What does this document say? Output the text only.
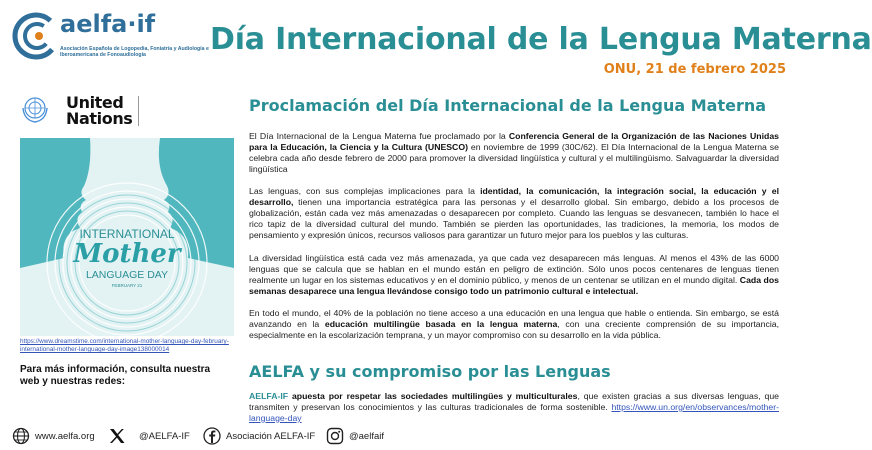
aelfa·if
Asociación Española de Logopedia, Foniatría y Audiología e Iberoamericana de Fonoaudiología	Día Internacional de la Lengua Materna
ONU, 21 de febrero 2025
United
Nations
INTERNATIONAL
Mother
LANGUAGE DAY
FEBRUARY 21
https://www.dreamstime.com/international-mother-language-day-february-international-mother-language-day-image138000014
Para más información, consulta nuestra web y nuestras redes:
Proclamación del Día Internacional de la Lengua Materna
El Día Internacional de la Lengua Materna fue proclamado por la Conferencia General de la Organización de las Naciones Unidas para la Educación, la Ciencia y la Cultura (UNESCO) en noviembre de 1999 (30C/62). El Día Internacional de la Lengua Materna se celebra cada año desde febrero de 2000 para promover la diversidad lingüística y cultural y el multilingüismo. Salvaguardar la diversidad lingüística
Las lenguas, con sus complejas implicaciones para la identidad, la comunicación, la integración social, la educación y el desarrollo, tienen una importancia estratégica para las personas y el desarrollo global. Sin embargo, debido a los procesos de globalización, están cada vez más amenazadas o desaparecen por completo. Cuando las lenguas se desvanecen, también lo hace el rico tapiz de la diversidad cultural del mundo. También se pierden las oportunidades, las tradiciones, la memoria, los modos de pensamiento y expresión únicos, recursos valiosos para garantizar un futuro mejor para los pueblos y las culturas.
La diversidad lingüística está cada vez más amenazada, ya que cada vez desaparecen más lenguas. Al menos el 43% de las 6000 lenguas que se calcula que se hablan en el mundo están en peligro de extinción. Sólo unos pocos centenares de lenguas tienen realmente un lugar en los sistemas educativos y en el dominio público, y menos de un centenar se utilizan en el mundo digital. Cada dos semanas desaparece una lengua llevándose consigo todo un patrimonio cultural e intelectual.
En todo el mundo, el 40% de la población no tiene acceso a una educación en una lengua que hable o entienda. Sin embargo, se está avanzando en la educación multilingüe basada en la lengua materna, con una creciente comprensión de su importancia, especialmente en la escolarización temprana, y un mayor compromiso con su desarrollo en la vida pública.
AELFA y su compromiso por las Lenguas
AELFA-IF apuesta por respetar las sociedades multilingües y multiculturales, que existen gracias a sus diversas lenguas, que transmiten y preservan los conocimientos y las culturas tradicionales de forma sostenible. https://www.un.org/en/observances/mother-language-day
www.aelfa.org	@AELFA-IF	Asociación AELFA-IF	@aelfaif
